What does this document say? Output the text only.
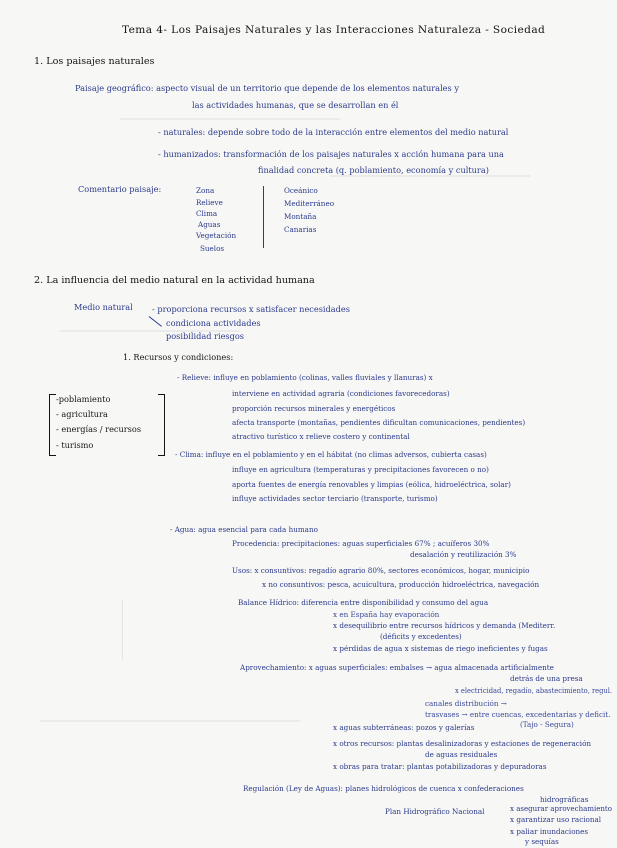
Tema 4- Los Paisajes Naturales y las Interacciones Naturaleza - Sociedad
1. Los paisajes naturales
Paisaje geográfico: aspecto visual de un territorio que depende de los elementos naturales y
las actividades humanas, que se desarrollan en él
- naturales: depende sobre todo de la interacción entre elementos del medio natural
- humanizados: transformación de los paisajes naturales x acción humana para una
finalidad concreta (q. poblamiento, economía y cultura)
Comentario paisaje:	Zona
Relieve
Clima
Aguas
Vegetación
Suelos
Oceánico
Mediterráneo
Montaña
Canarias
2. La influencia del medio natural en la actividad humana
Medio natural - proporciona recursos x satisfacer necesidades
condiciona actividades
posibilidad riesgos
1. Recursos y condiciones:
-poblamiento
- agricultura
- energías / recursos
- turismo
- Relieve: influye en poblamiento (colinas, valles fluviales y llanuras) x
interviene en actividad agraria (condiciones favorecedoras)
proporción recursos minerales y energéticos
afecta transporte (montañas, pendientes dificultan comunicaciones, pendientes)
atractivo turístico x relieve costero y continental
- Clima: influye en el poblamiento y en el hábitat (no climas adversos, cubierta casas)
influye en agricultura (temperaturas y precipitaciones favorecen o no)
aporta fuentes de energía renovables y limpias (eólica, hidroeléctrica, solar)
influye actividades sector terciario (transporte, turismo)
- Agua: agua esencial para cada humano
Procedencia: precipitaciones: aguas superficiales 67% ; acuíferos 30%
desalación y reutilización 3%
Usos: x consuntivos: regadío agrario 80%, sectores económicos, hogar, municipio
x no consuntivos: pesca, acuicultura, producción hidroeléctrica, navegación
Balance Hídrico: diferencia entre disponibilidad y consumo del agua
x en España hay evaporación
x desequilibrio entre recursos hídricos y demanda (Mediterr.
(déficits y excedentes)
x pérdidas de agua x sistemas de riego ineficientes y fugas
Aprovechamiento: x aguas superficiales: embalses → agua almacenada artificialmente
detrás de una presa
x electricidad, regadío, abastecimiento, regul.
canales distribución →
trasvases → entre cuencas, excedentarias y deficit.
(Tajo - Segura)
x aguas subterráneas: pozos y galerías
x otros recursos: plantas desalinizadoras y estaciones de regeneración
de aguas residuales
x obras para tratar: plantas potabilizadoras y depuradoras
Regulación (Ley de Aguas): planes hidrológicos de cuenca x confederaciones
hidrográficas
Plan Hidrográfico Nacional	x asegurar aprovechamiento
x garantizar uso racional
x paliar inundaciones
y sequías
